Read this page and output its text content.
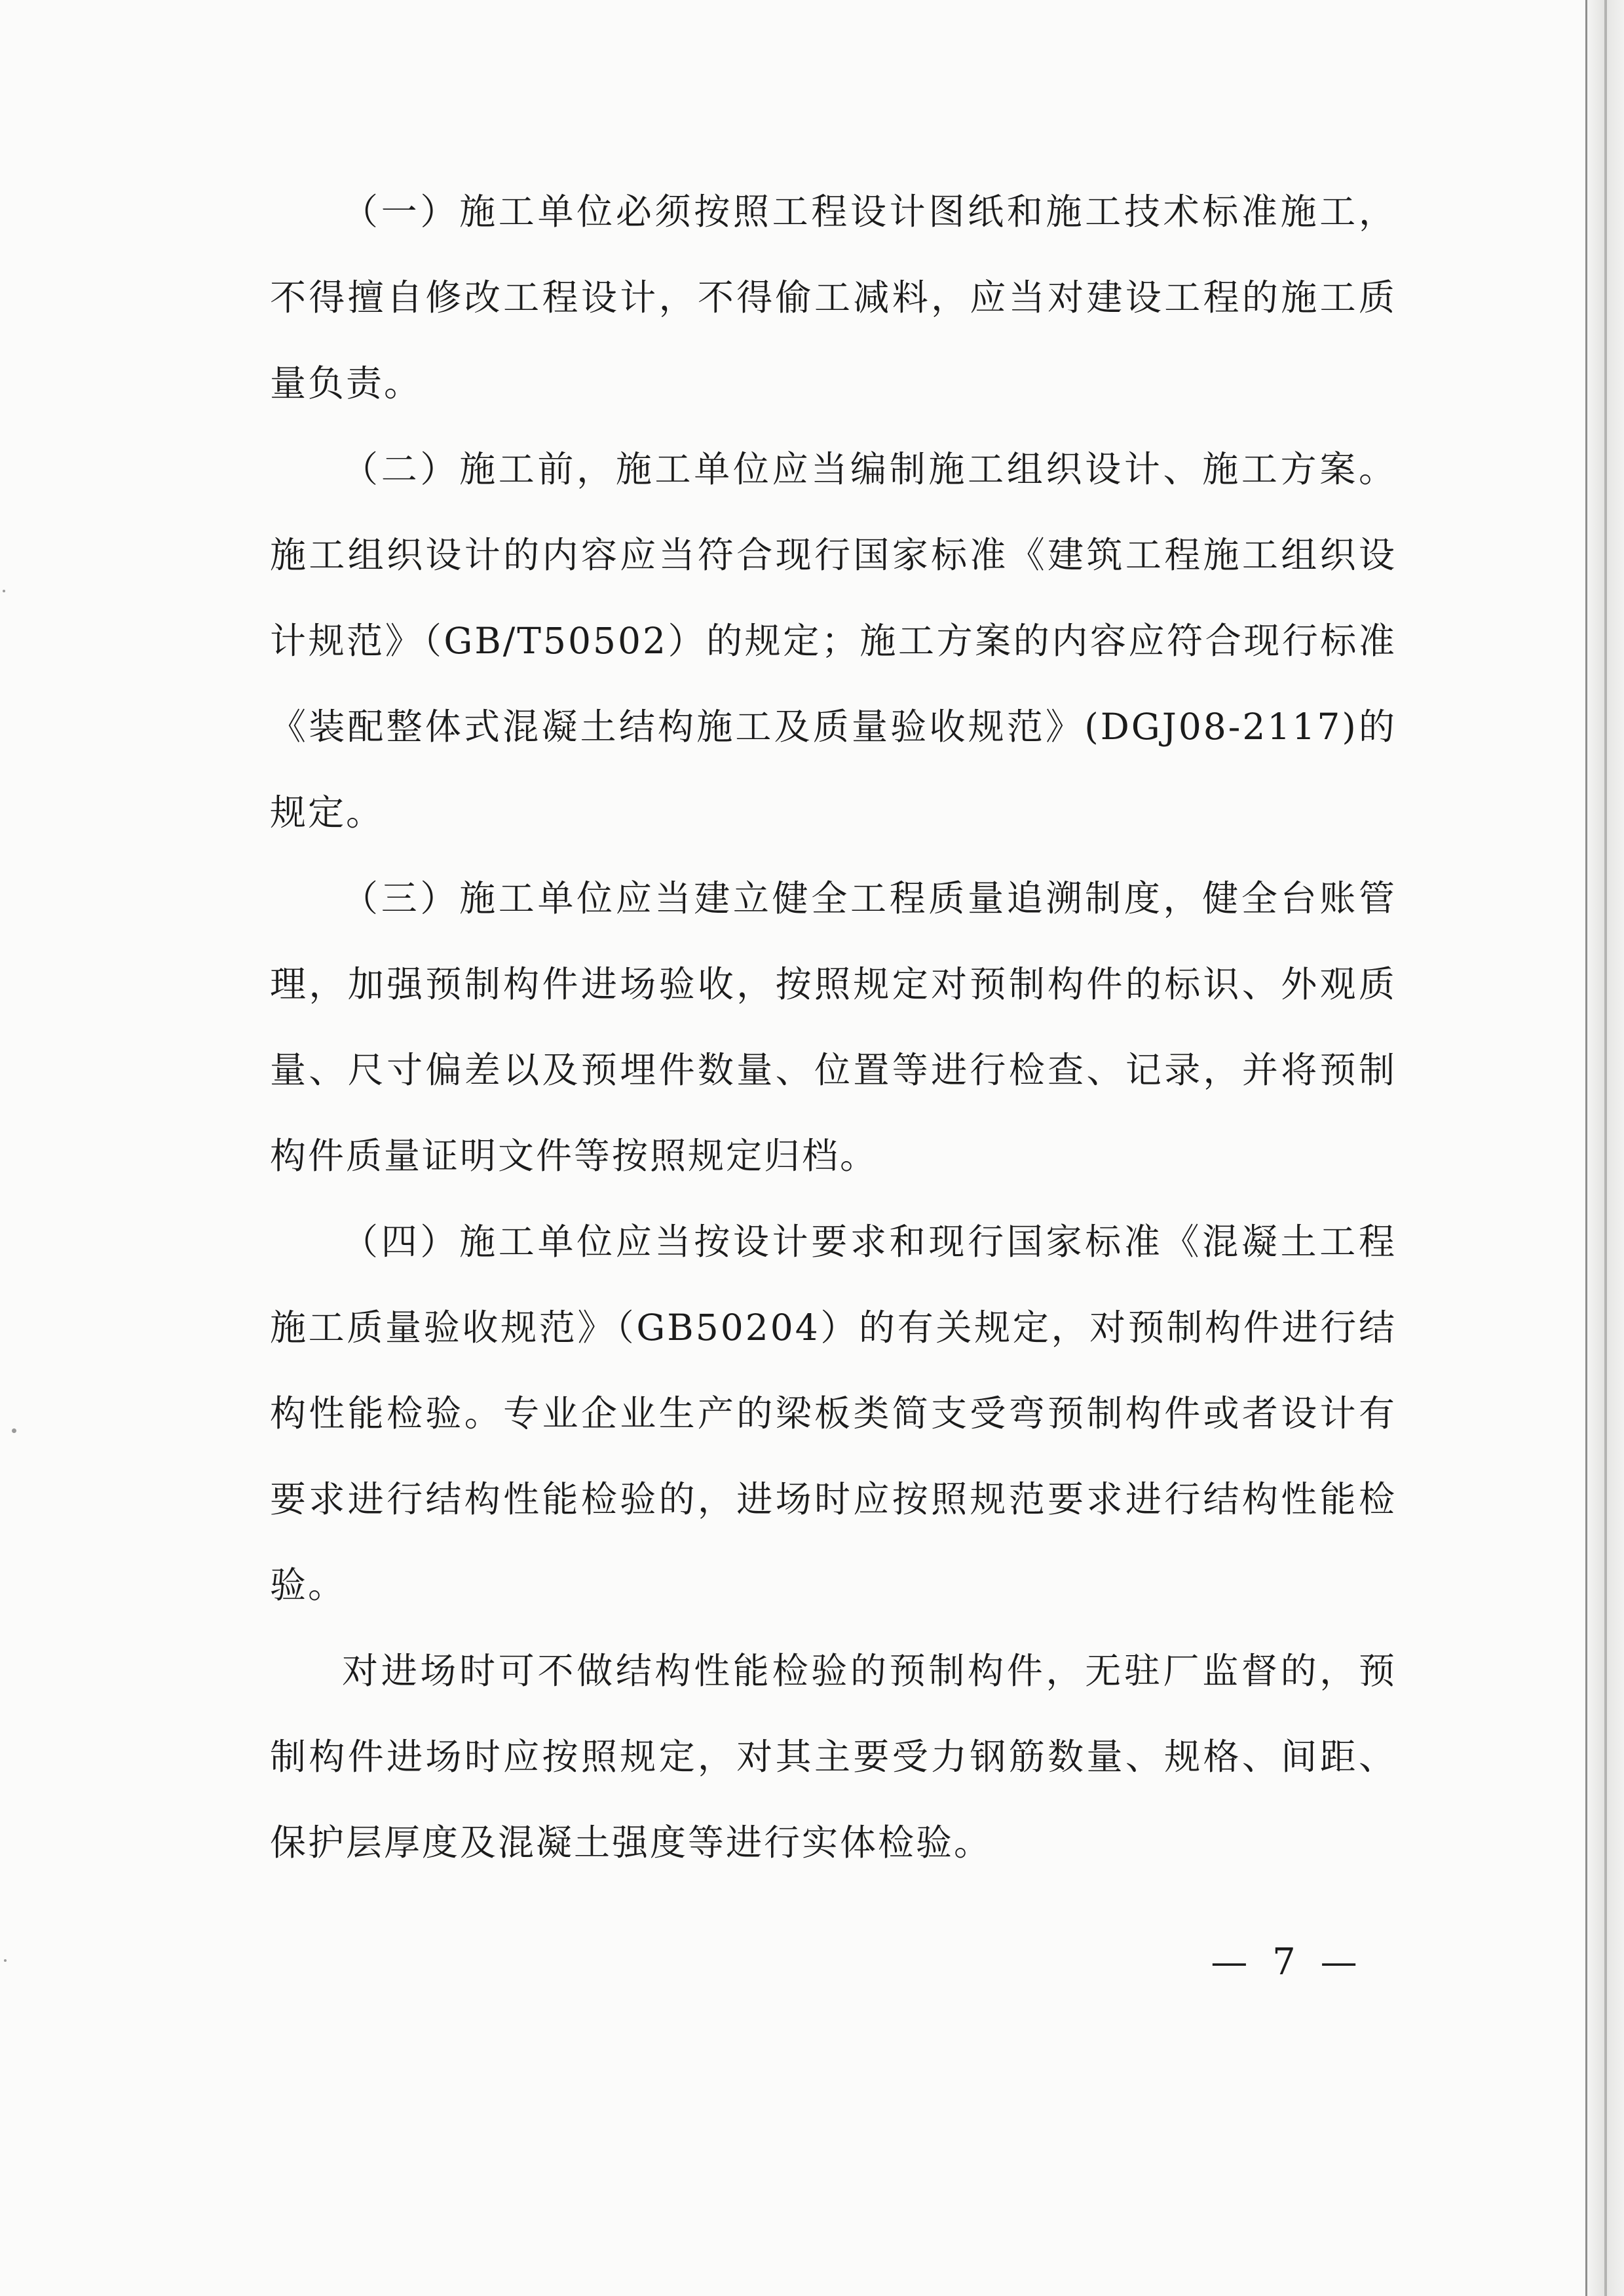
（一）施工单位必须按照工程设计图纸和施工技术标准施工，不得擅自修改工程设计，不得偷工减料，应当对建设工程的施工质量负责。

（二）施工前，施工单位应当编制施工组织设计、施工方案。施工组织设计的内容应当符合现行国家标准《建筑工程施工组织设计规范》（GB/T50502）的规定；施工方案的内容应符合现行标准《装配整体式混凝土结构施工及质量验收规范》(DGJ08-2117)的规定。

（三）施工单位应当建立健全工程质量追溯制度，健全台账管理，加强预制构件进场验收，按照规定对预制构件的标识、外观质量、尺寸偏差以及预埋件数量、位置等进行检查、记录，并将预制构件质量证明文件等按照规定归档。

（四）施工单位应当按设计要求和现行国家标准《混凝土工程施工质量验收规范》（GB50204）的有关规定，对预制构件进行结构性能检验。专业企业生产的梁板类简支受弯预制构件或者设计有要求进行结构性能检验的，进场时应按照规范要求进行结构性能检验。

对进场时可不做结构性能检验的预制构件，无驻厂监督的，预制构件进场时应按照规定，对其主要受力钢筋数量、规格、间距、保护层厚度及混凝土强度等进行实体检验。

— 7 —
